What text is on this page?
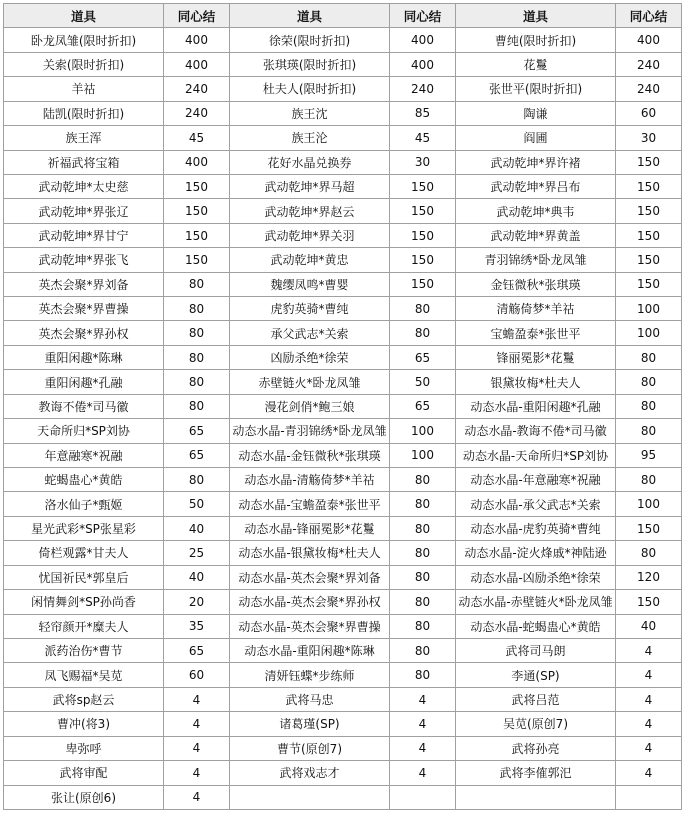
道具	同心结	道具	同心结	道具	同心结
卧龙凤雏(限时折扣)	400	徐荣(限时折扣)	400	曹纯(限时折扣)	400
关索(限时折扣)	400	张琪瑛(限时折扣)	400	花鬘	240
羊祜	240	杜夫人(限时折扣)	240	张世平(限时折扣)	240
陆凯(限时折扣)	240	族王沈	85	陶谦	60
族王浑	45	族王沦	45	阎圃	30
祈福武将宝箱	400	花好水晶兑换券	30	武动乾坤*界许褚	150
武动乾坤*太史慈	150	武动乾坤*界马超	150	武动乾坤*界吕布	150
武动乾坤*界张辽	150	武动乾坤*界赵云	150	武动乾坤*典韦	150
武动乾坤*界甘宁	150	武动乾坤*界关羽	150	武动乾坤*界黄盖	150
武动乾坤*界张飞	150	武动乾坤*黄忠	150	青羽锦绣*卧龙凤雏	150
英杰会聚*界刘备	80	魏缨凤鸣*曹婴	150	金钰微秋*张琪瑛	150
英杰会聚*界曹操	80	虎豹英骑*曹纯	80	清觞倚梦*羊祜	100
英杰会聚*界孙权	80	承父武志*关索	80	宝蟾盈泰*张世平	100
重阳闲趣*陈琳	80	凶励杀绝*徐荣	65	锋丽冕影*花鬘	80
重阳闲趣*孔融	80	赤壁链火*卧龙凤雏	50	银黛妆梅*杜夫人	80
教诲不倦*司马徽	80	漫花剑俏*鲍三娘	65	动态水晶-重阳闲趣*孔融	80
天命所归*SP刘协	65	动态水晶-青羽锦绣*卧龙凤雏	100	动态水晶-教诲不倦*司马徽	80
年意融寒*祝融	65	动态水晶-金钰微秋*张琪瑛	100	动态水晶-天命所归*SP刘协	95
蛇蝎蛊心*黄皓	80	动态水晶-清觞倚梦*羊祜	80	动态水晶-年意融寒*祝融	80
洛水仙子*甄姬	50	动态水晶-宝蟾盈泰*张世平	80	动态水晶-承父武志*关索	100
星光武彩*SP张星彩	40	动态水晶-锋丽冕影*花鬘	80	动态水晶-虎豹英骑*曹纯	150
倚栏观露*甘夫人	25	动态水晶-银黛妆梅*杜夫人	80	动态水晶-淀火烽戚*神陆逊	80
忧国祈民*郭皇后	40	动态水晶-英杰会聚*界刘备	80	动态水晶-凶励杀绝*徐荣	120
闲情舞剑*SP孙尚香	20	动态水晶-英杰会聚*界孙权	80	动态水晶-赤壁链火*卧龙凤雏	150
轻帘颜开*糜夫人	35	动态水晶-英杰会聚*界曹操	80	动态水晶-蛇蝎蛊心*黄皓	40
派药治伤*曹节	65	动态水晶-重阳闲趣*陈琳	80	武将司马朗	4
凤飞赐福*吴苋	60	清妍钰蝶*步练师	80	李通(SP)	4
武将sp赵云	4	武将马忠	4	武将吕范	4
曹冲(将3)	4	诸葛瑾(SP)	4	吴苋(原创7)	4
卑弥呼	4	曹节(原创7)	4	武将孙亮	4
武将审配	4	武将戏志才	4	武将李傕郭汜	4
张让(原创6)	4				
